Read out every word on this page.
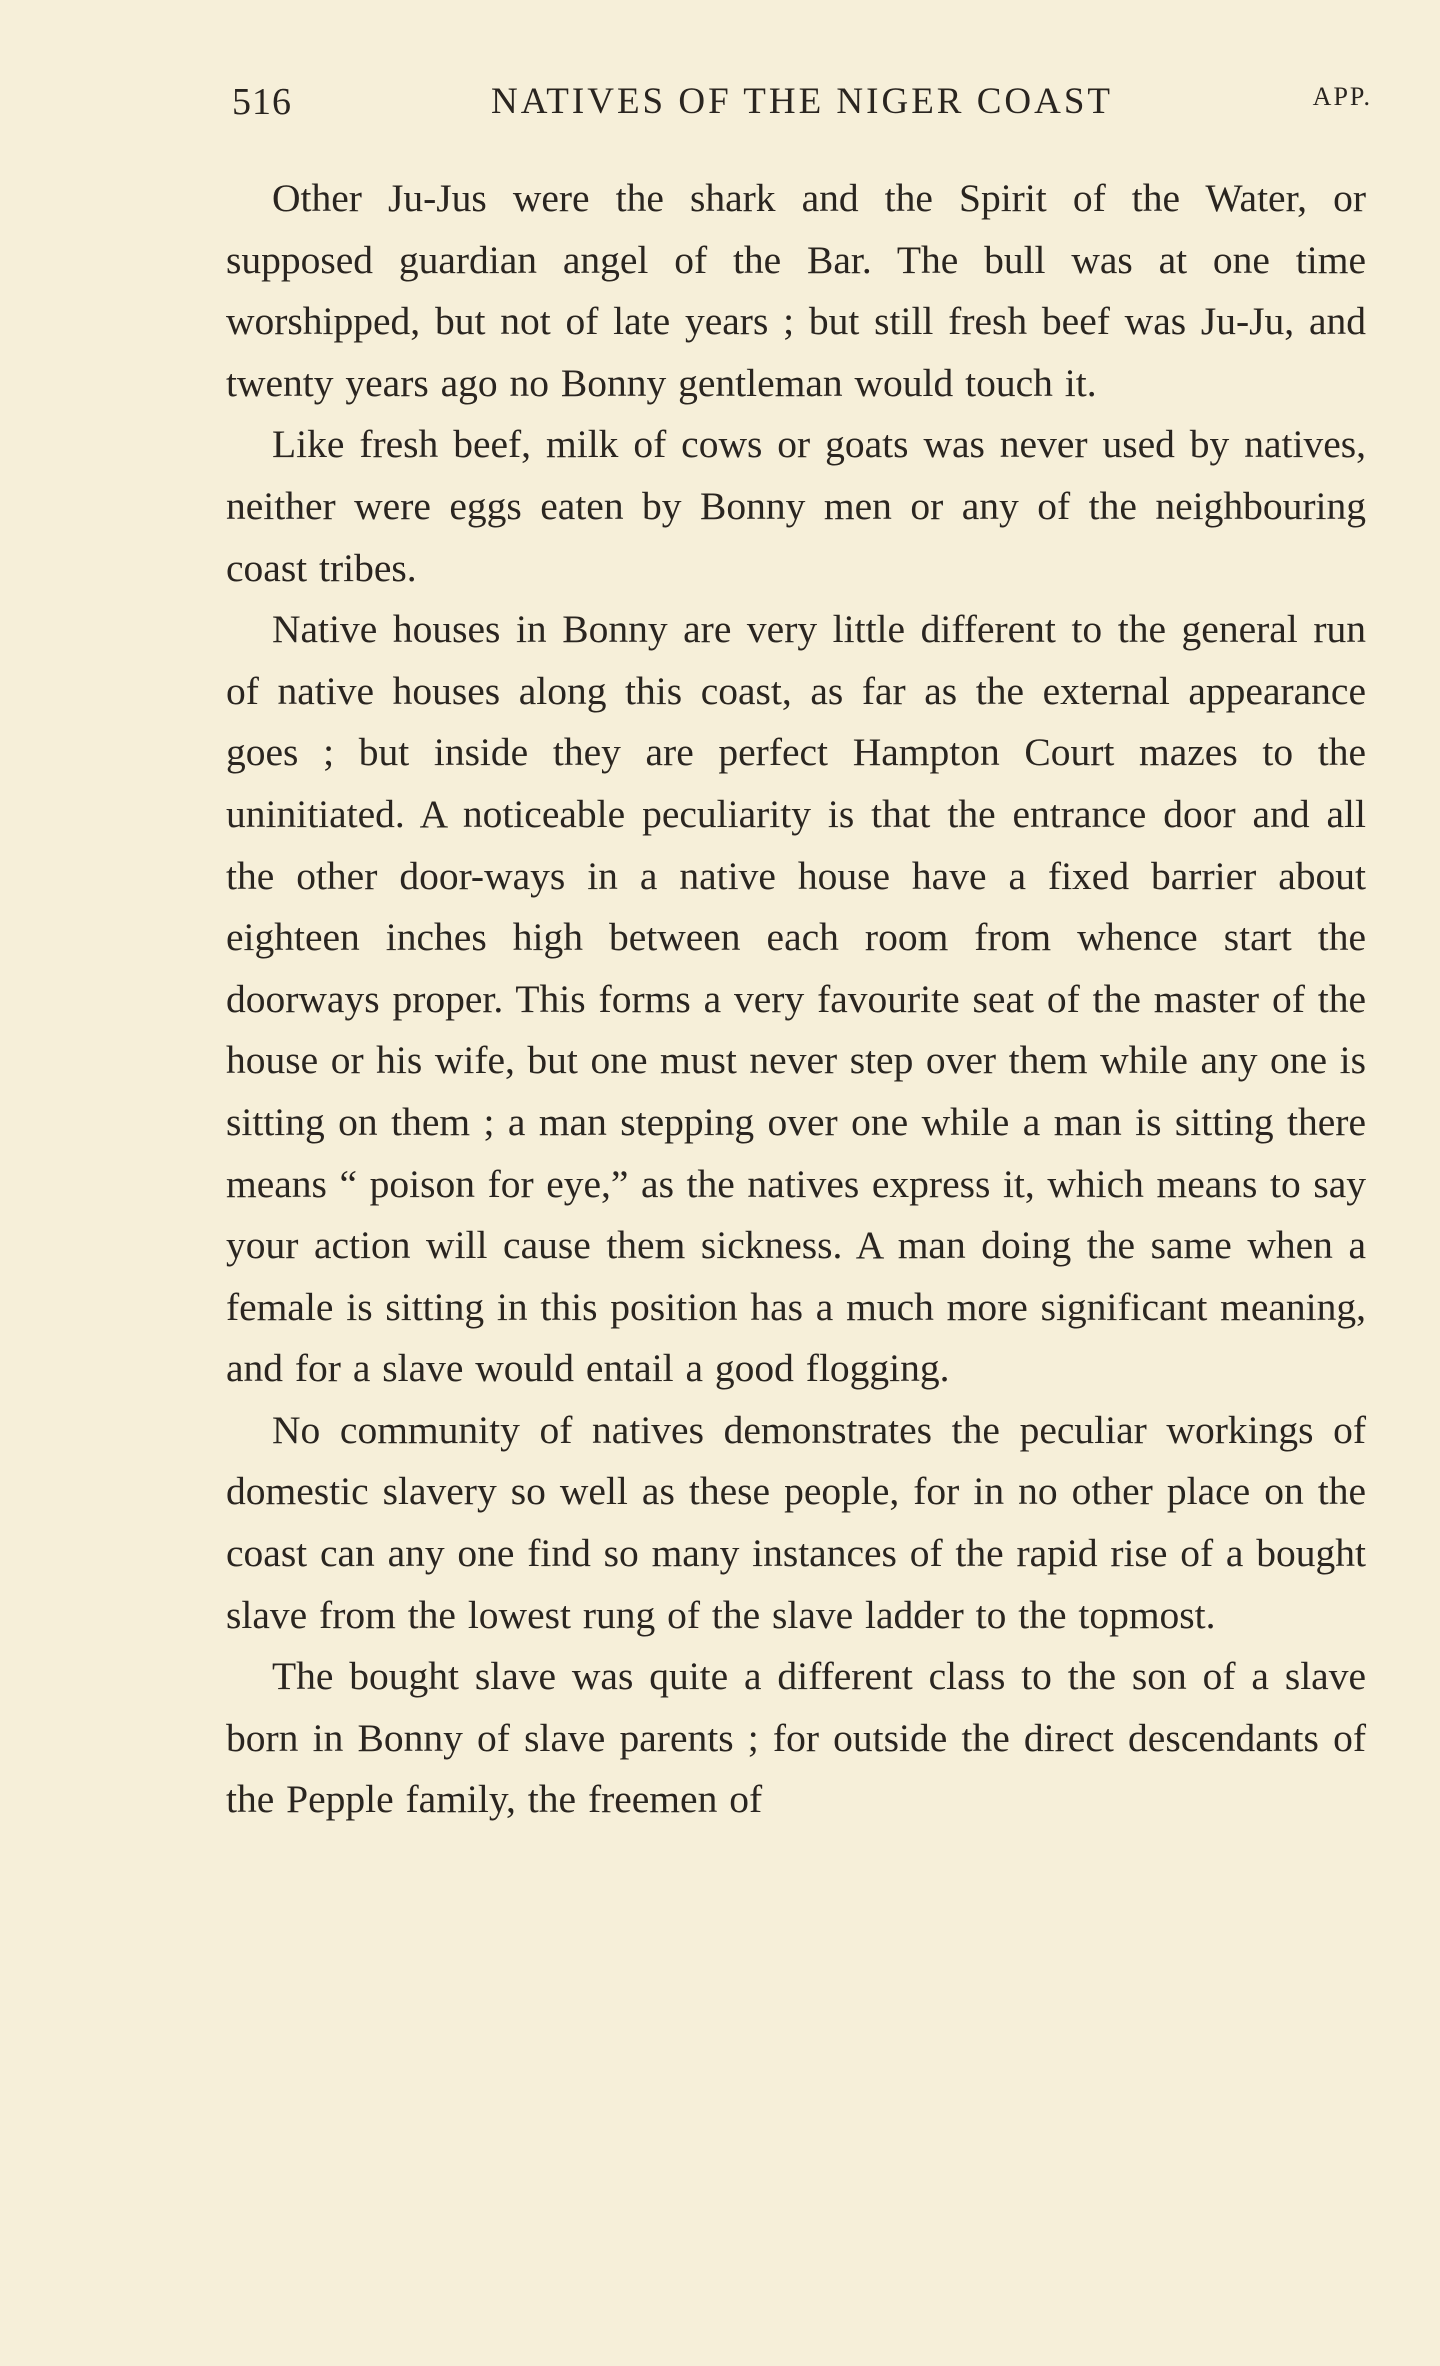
516	NATIVES OF THE NIGER COAST	APP.

Other Ju-Jus were the shark and the Spirit of the Water, or supposed guardian angel of the Bar. The bull was at one time worshipped, but not of late years ; but still fresh beef was Ju-Ju, and twenty years ago no Bonny gentleman would touch it.

Like fresh beef, milk of cows or goats was never used by natives, neither were eggs eaten by Bonny men or any of the neighbouring coast tribes.

Native houses in Bonny are very little different to the general run of native houses along this coast, as far as the external appearance goes ; but inside they are perfect Hampton Court mazes to the uninitiated. A noticeable peculiarity is that the entrance door and all the other door-ways in a native house have a fixed barrier about eighteen inches high between each room from whence start the doorways proper. This forms a very favourite seat of the master of the house or his wife, but one must never step over them while any one is sitting on them ; a man stepping over one while a man is sitting there means “ poison for eye,” as the natives express it, which means to say your action will cause them sickness. A man doing the same when a female is sitting in this position has a much more significant meaning, and for a slave would entail a good flogging.

No community of natives demonstrates the peculiar workings of domestic slavery so well as these people, for in no other place on the coast can any one find so many instances of the rapid rise of a bought slave from the lowest rung of the slave ladder to the topmost.

The bought slave was quite a different class to the son of a slave born in Bonny of slave parents ; for outside the direct descendants of the Pepple family, the freemen of
